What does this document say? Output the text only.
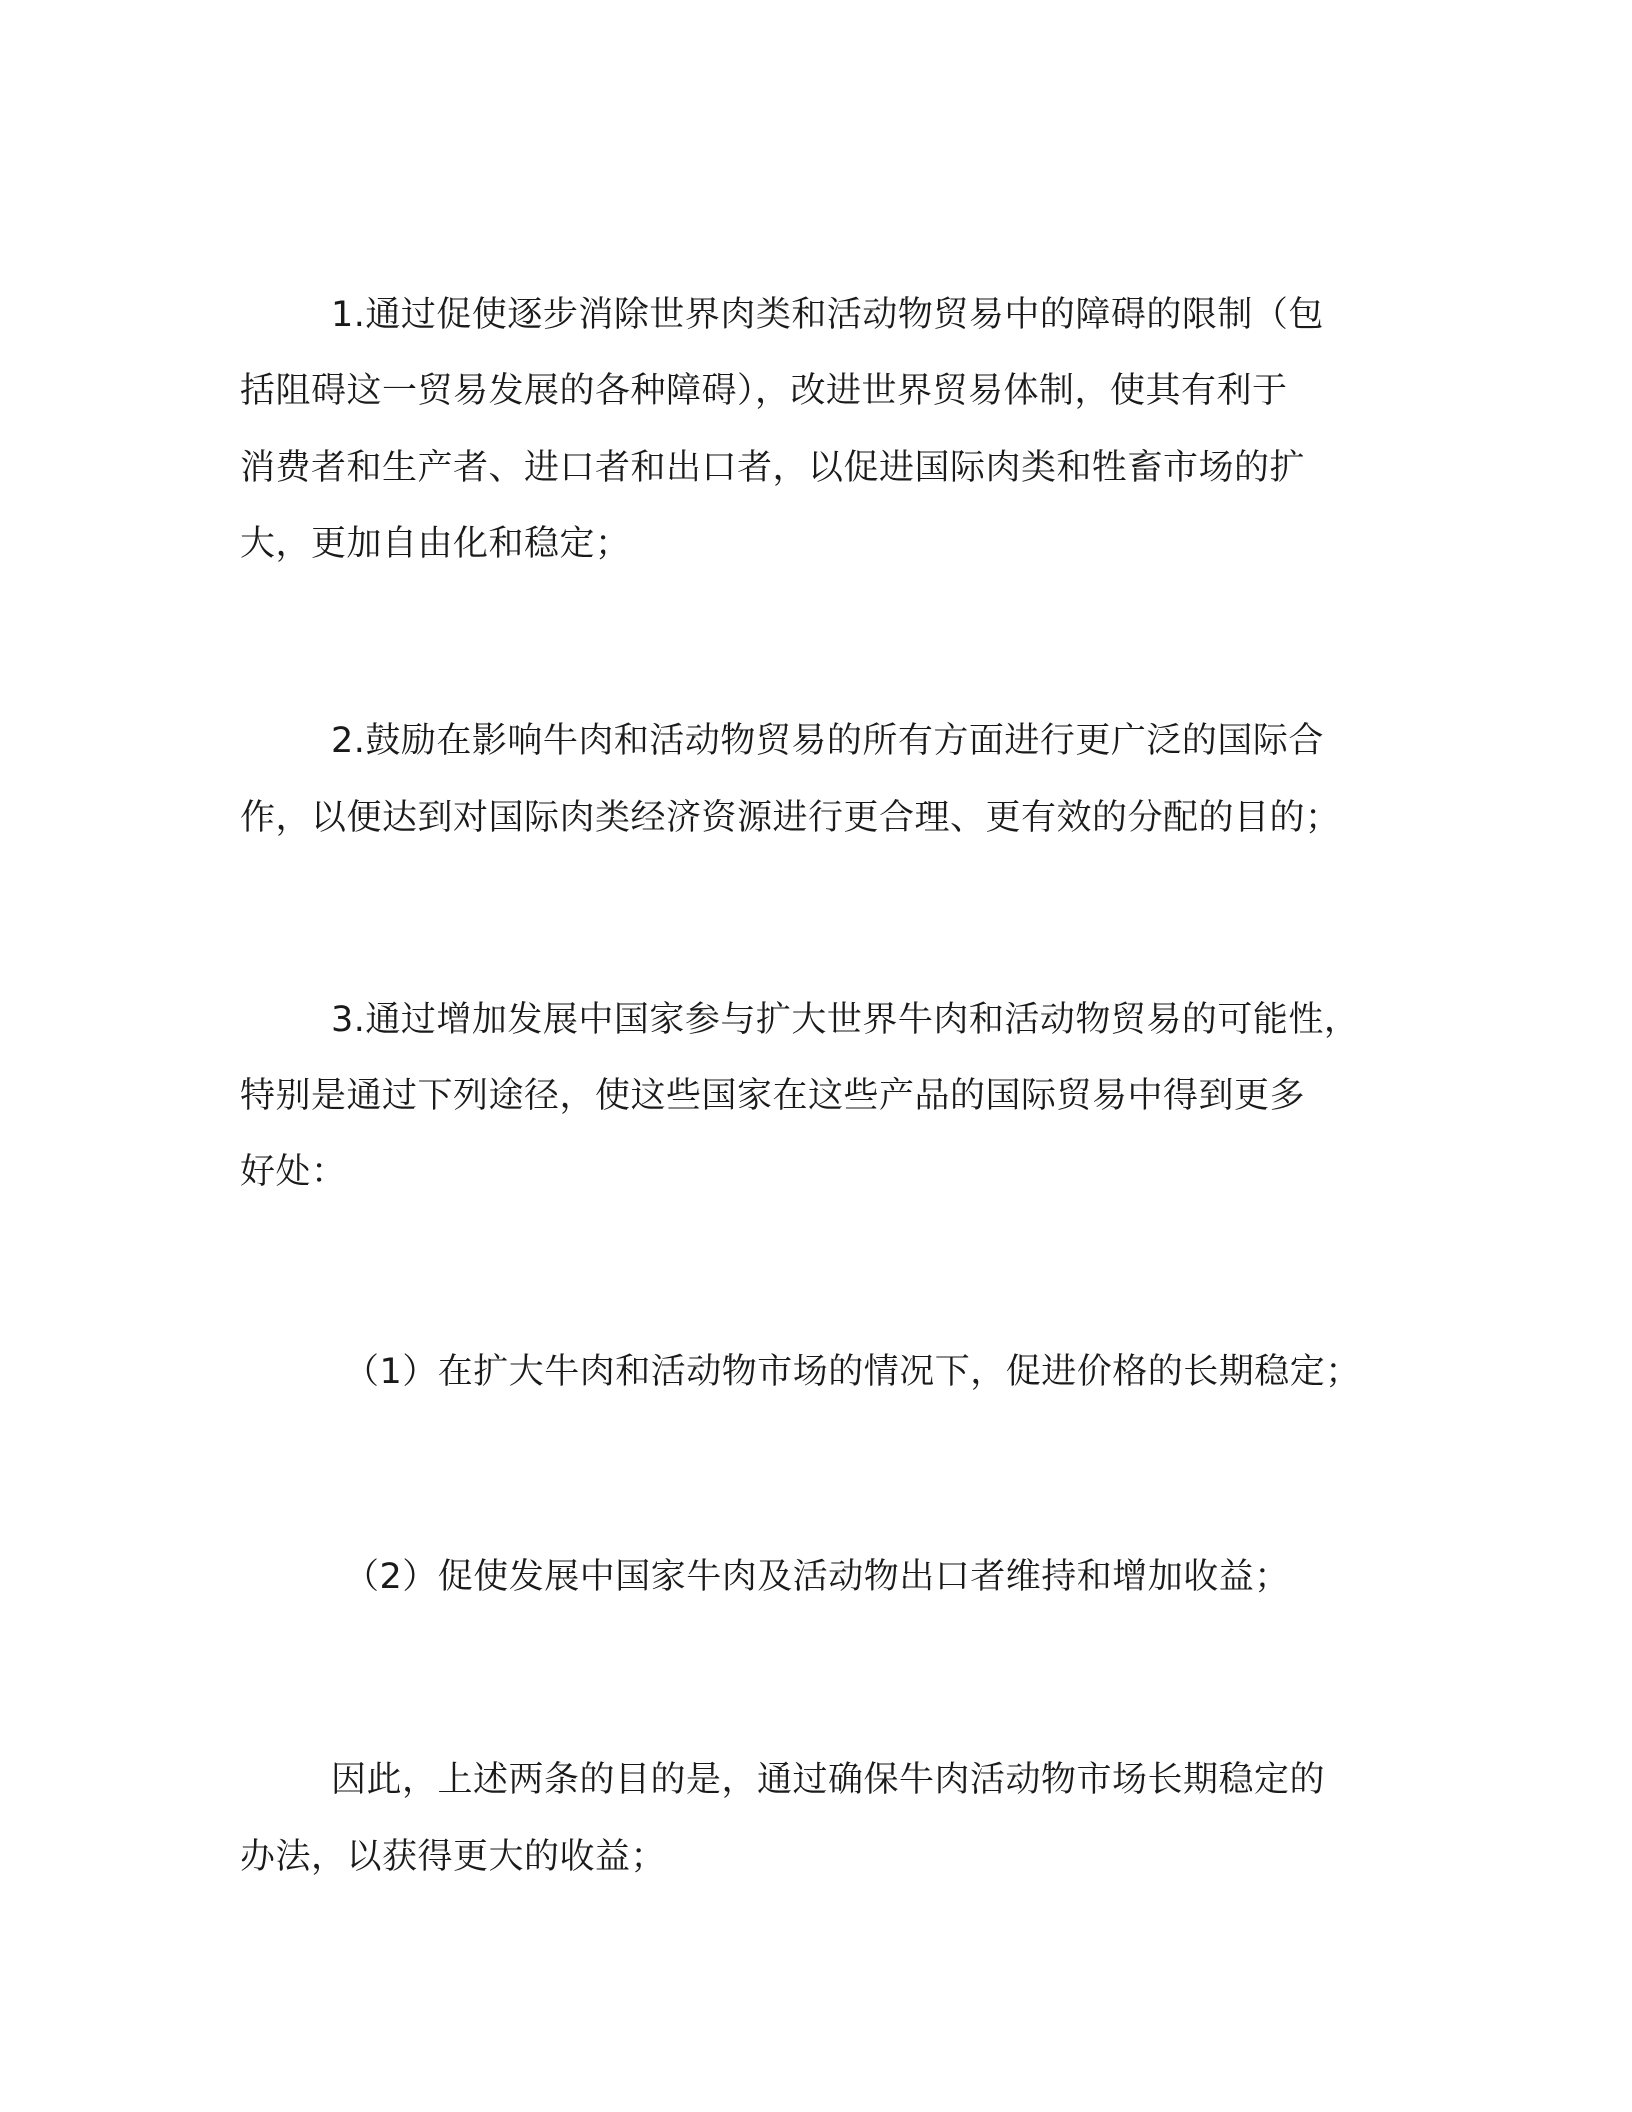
1.通过促使逐步消除世界肉类和活动物贸易中的障碍的限制（包
括阻碍这一贸易发展的各种障碍），改进世界贸易体制，使其有利于
消费者和生产者、进口者和出口者，以促进国际肉类和牲畜市场的扩
大，更加自由化和稳定；
2.鼓励在影响牛肉和活动物贸易的所有方面进行更广泛的国际合
作，以便达到对国际肉类经济资源进行更合理、更有效的分配的目的；
3.通过增加发展中国家参与扩大世界牛肉和活动物贸易的可能性，
特别是通过下列途径，使这些国家在这些产品的国际贸易中得到更多
好处：
（1）在扩大牛肉和活动物市场的情况下，促进价格的长期稳定；
（2）促使发展中国家牛肉及活动物出口者维持和增加收益；
因此，上述两条的目的是，通过确保牛肉活动物市场长期稳定的
办法，以获得更大的收益；
